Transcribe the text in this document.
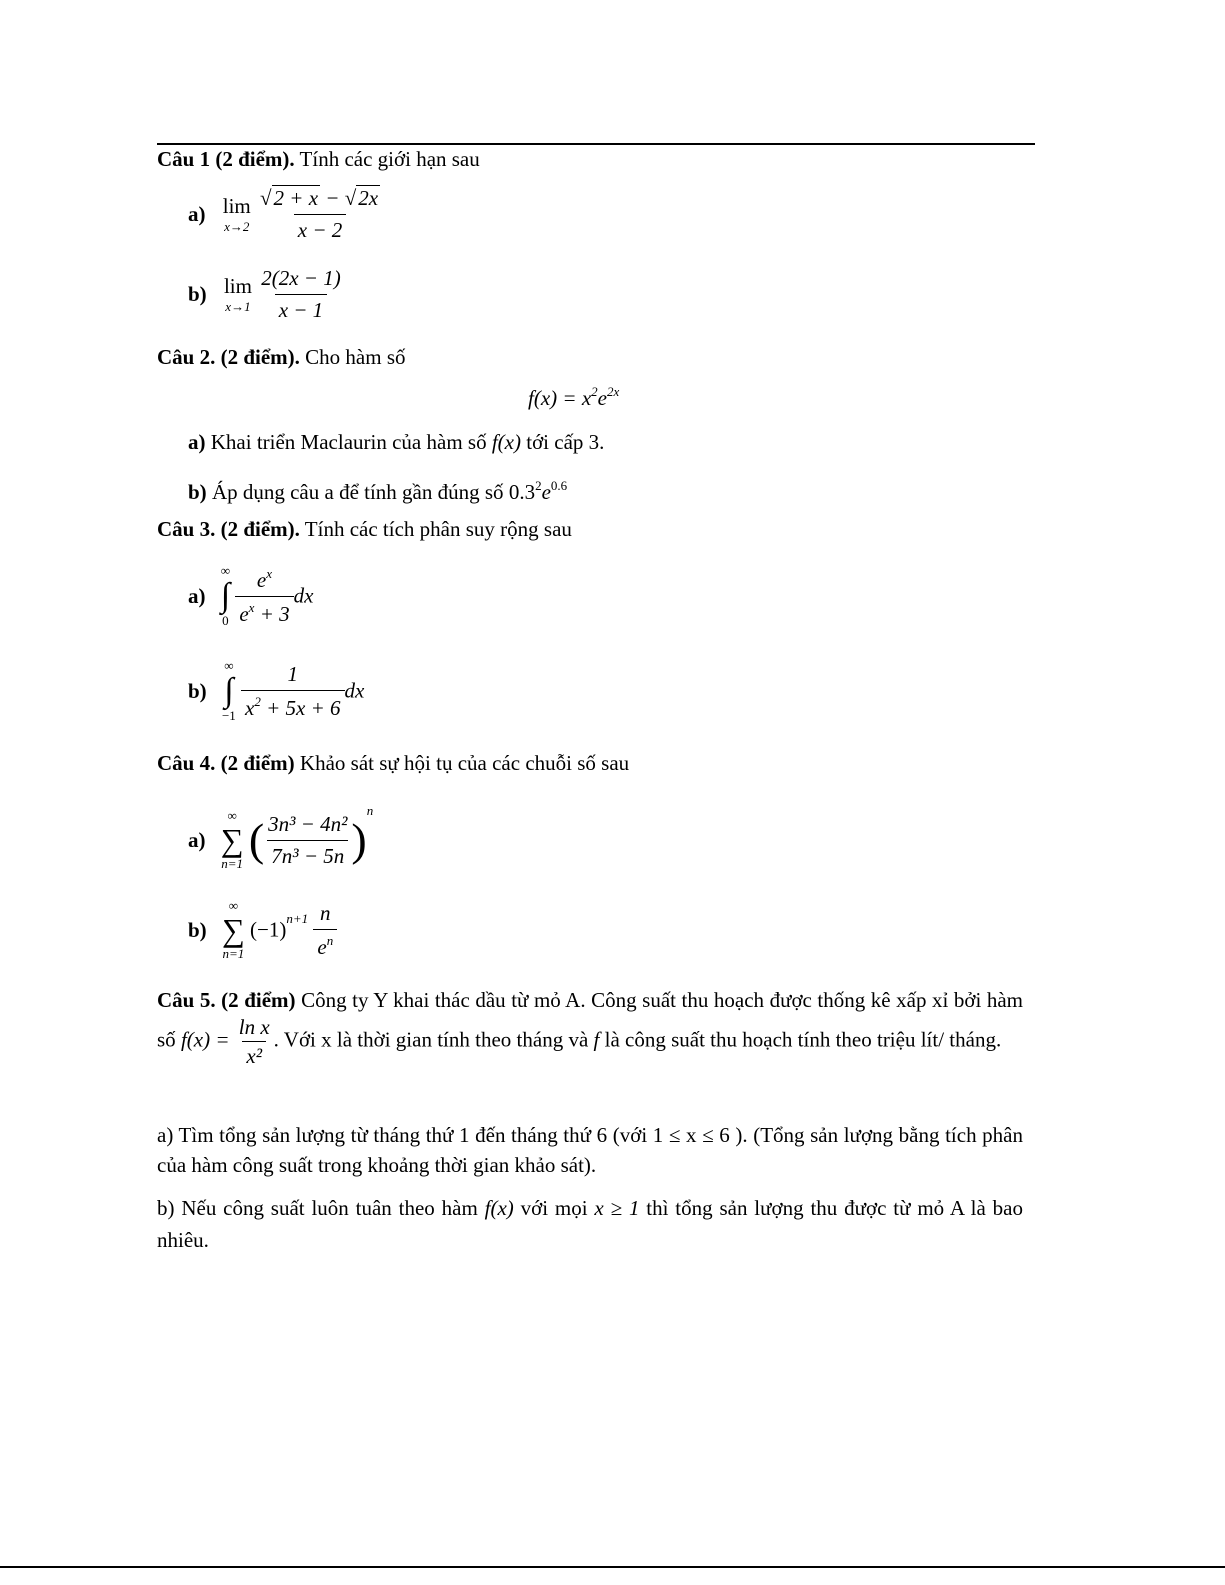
Câu 1 (2 điểm). Tính các giới hạn sau
a) lim
x→2
$\frac{√2 + x - √2x}{x - 2}$
b) lim
x→1
$\frac{2(2x - 1)}{x - 1}$
Câu 2. (2 điểm). Cho hàm số
$f(x) = x^2e^{2x}$
a) Khai triển Maclaurin của hàm số f(x) tới cấp 3.
b) Áp dụng câu a để tính gần đúng số $0.3^2e^{0.6}$
Câu 3. (2 điểm). Tính các tích phân suy rộng sau
a)
∞
∫
0
$\frac{e^x}{e^x + 3}$ dx
b)
∞
∫
−1
$\frac{1}{x^2 + 5x + 6}$ dx
Câu 4. (2 điểm) Khảo sát sự hội tụ của các chuỗi số sau
a)
∞
∑
n=1 ( $\frac{\text{3n³ − 4n²}}{\text{7n³ − 5n}} )^n$
b)
∞
∑
n=1
$(-1)^{n+1} \frac{n}{e^n}$
Câu 5. (2 điểm) Công ty Y khai thác dầu từ mỏ A. Công suất thu hoạch được thống kê xấp xỉ bởi hàm số $f(x) = \frac{\text{ln x}}{\text{x²}}$ . Với x là thời gian tính theo tháng và f là công suất thu hoạch tính theo triệu lít/ tháng.
a) Tìm tổng sản lượng từ tháng thứ 1 đến tháng thứ 6 (với 1 ≤ x ≤ 6 ). (Tổng sản lượng bằng tích phân của hàm công suất trong khoảng thời gian khảo sát).
b) Nếu công suất luôn tuân theo hàm f(x) với mọi x ≥ 1 thì tổng sản lượng thu được từ mỏ A là bao nhiêu.
